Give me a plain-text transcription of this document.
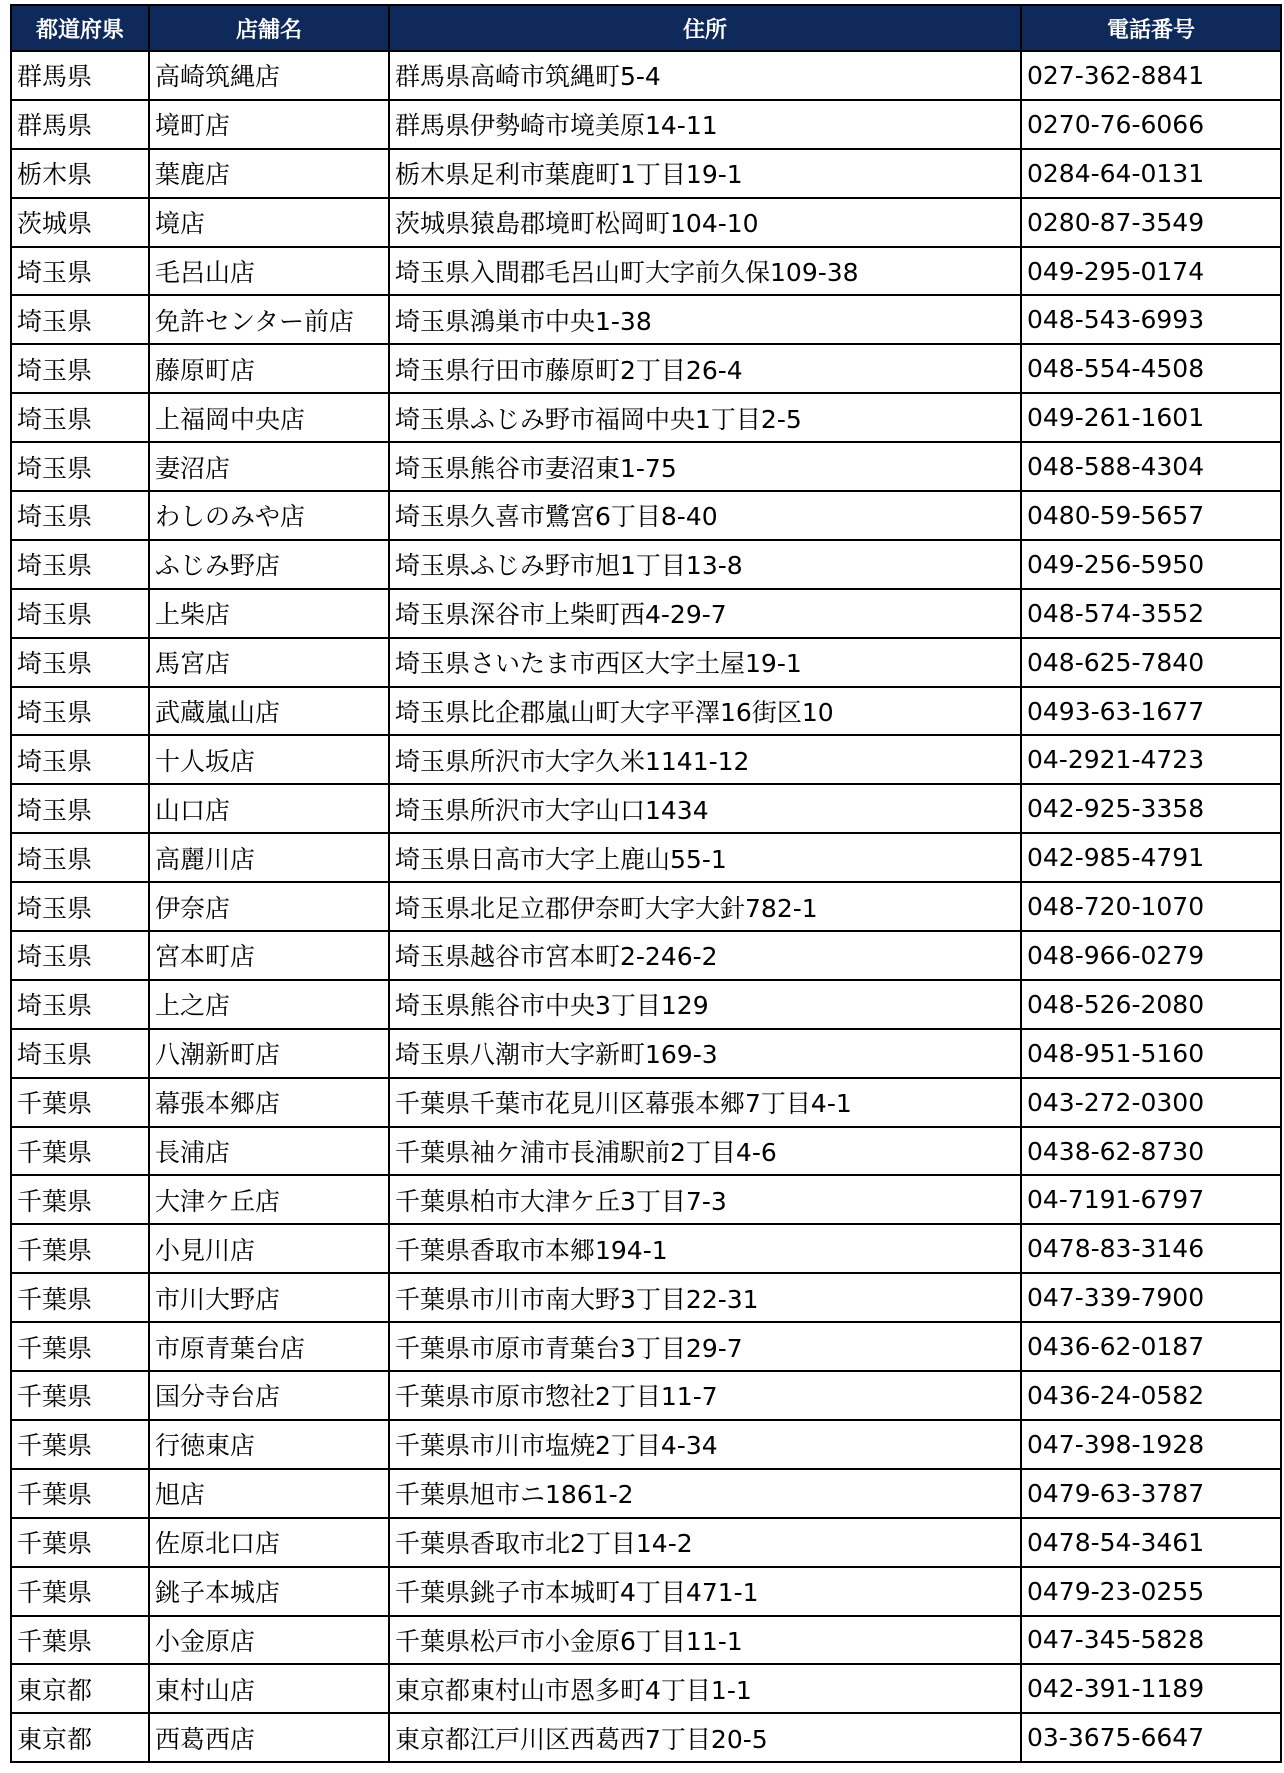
都道府県	店舗名	住所	電話番号
群馬県	高崎筑縄店	群馬県高崎市筑縄町5-4	027-362-8841
群馬県	境町店	群馬県伊勢崎市境美原14-11	0270-76-6066
栃木県	葉鹿店	栃木県足利市葉鹿町1丁目19-1	0284-64-0131
茨城県	境店	茨城県猿島郡境町松岡町104-10	0280-87-3549
埼玉県	毛呂山店	埼玉県入間郡毛呂山町大字前久保109-38	049-295-0174
埼玉県	免許センター前店	埼玉県鴻巣市中央1-38	048-543-6993
埼玉県	藤原町店	埼玉県行田市藤原町2丁目26-4	048-554-4508
埼玉県	上福岡中央店	埼玉県ふじみ野市福岡中央1丁目2-5	049-261-1601
埼玉県	妻沼店	埼玉県熊谷市妻沼東1-75	048-588-4304
埼玉県	わしのみや店	埼玉県久喜市鷺宮6丁目8-40	0480-59-5657
埼玉県	ふじみ野店	埼玉県ふじみ野市旭1丁目13-8	049-256-5950
埼玉県	上柴店	埼玉県深谷市上柴町西4-29-7	048-574-3552
埼玉県	馬宮店	埼玉県さいたま市西区大字土屋19-1	048-625-7840
埼玉県	武蔵嵐山店	埼玉県比企郡嵐山町大字平澤16街区10	0493-63-1677
埼玉県	十人坂店	埼玉県所沢市大字久米1141-12	04-2921-4723
埼玉県	山口店	埼玉県所沢市大字山口1434	042-925-3358
埼玉県	高麗川店	埼玉県日高市大字上鹿山55-1	042-985-4791
埼玉県	伊奈店	埼玉県北足立郡伊奈町大字大針782-1	048-720-1070
埼玉県	宮本町店	埼玉県越谷市宮本町2-246-2	048-966-0279
埼玉県	上之店	埼玉県熊谷市中央3丁目129	048-526-2080
埼玉県	八潮新町店	埼玉県八潮市大字新町169-3	048-951-5160
千葉県	幕張本郷店	千葉県千葉市花見川区幕張本郷7丁目4-1	043-272-0300
千葉県	長浦店	千葉県袖ケ浦市長浦駅前2丁目4-6	0438-62-8730
千葉県	大津ケ丘店	千葉県柏市大津ケ丘3丁目7-3	04-7191-6797
千葉県	小見川店	千葉県香取市本郷194-1	0478-83-3146
千葉県	市川大野店	千葉県市川市南大野3丁目22-31	047-339-7900
千葉県	市原青葉台店	千葉県市原市青葉台3丁目29-7	0436-62-0187
千葉県	国分寺台店	千葉県市原市惣社2丁目11-7	0436-24-0582
千葉県	行徳東店	千葉県市川市塩焼2丁目4-34	047-398-1928
千葉県	旭店	千葉県旭市ニ1861-2	0479-63-3787
千葉県	佐原北口店	千葉県香取市北2丁目14-2	0478-54-3461
千葉県	銚子本城店	千葉県銚子市本城町4丁目471-1	0479-23-0255
千葉県	小金原店	千葉県松戸市小金原6丁目11-1	047-345-5828
東京都	東村山店	東京都東村山市恩多町4丁目1-1	042-391-1189
東京都	西葛西店	東京都江戸川区西葛西7丁目20-5	03-3675-6647
